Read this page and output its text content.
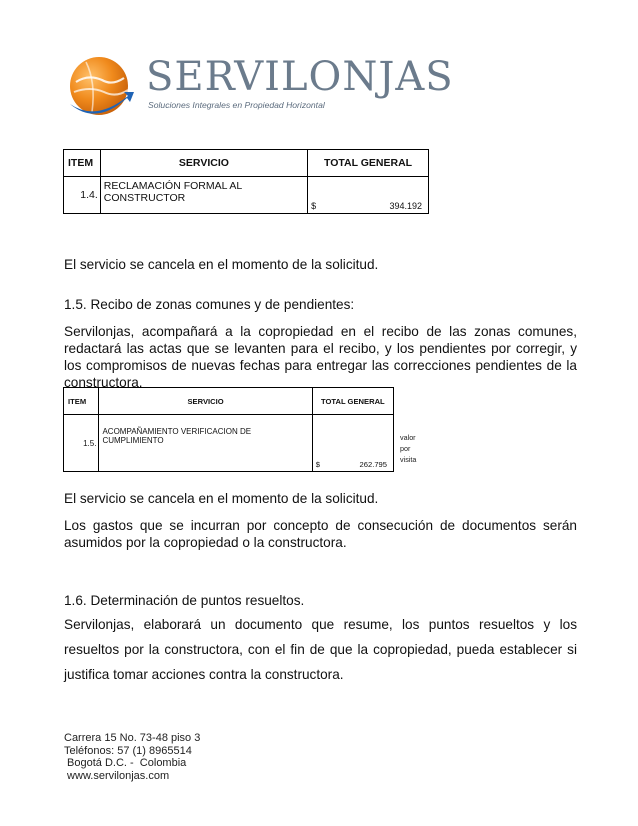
SERVILONJAS
Soluciones Integrales en Propiedad Horizontal
ITEM	SERVICIO	TOTAL GENERAL
1.4.	RECLAMACIÓN FORMAL AL CONSTRUCTOR	$ 394.192
El servicio se cancela en el momento de la solicitud.
1.5. Recibo de zonas comunes y de pendientes:
Servilonjas, acompañará a la copropiedad en el recibo de las zonas comunes, redactará las actas que se levanten para el recibo, y los pendientes por corregir, y los compromisos de nuevas fechas para entregar las correcciones pendientes de la constructora.
ITEM	SERVICIO	TOTAL GENERAL
1.5.	ACOMPAÑAMIENTO VERIFICACION DE CUMPLIMIENTO	$ 262.795
valor
por
visita
El servicio se cancela en el momento de la solicitud.
Los gastos que se incurran por concepto de consecución de documentos serán asumidos por la copropiedad o la constructora.
1.6. Determinación de puntos resueltos.
Servilonjas, elaborará un documento que resume, los puntos resueltos y los resueltos por la constructora, con el fin de que la copropiedad, pueda establecer si justifica tomar acciones contra la constructora.
Carrera 15 No. 73-48 piso 3
Teléfonos: 57 (1) 8965514
Bogotá D.C. -  Colombia
www.servilonjas.com
